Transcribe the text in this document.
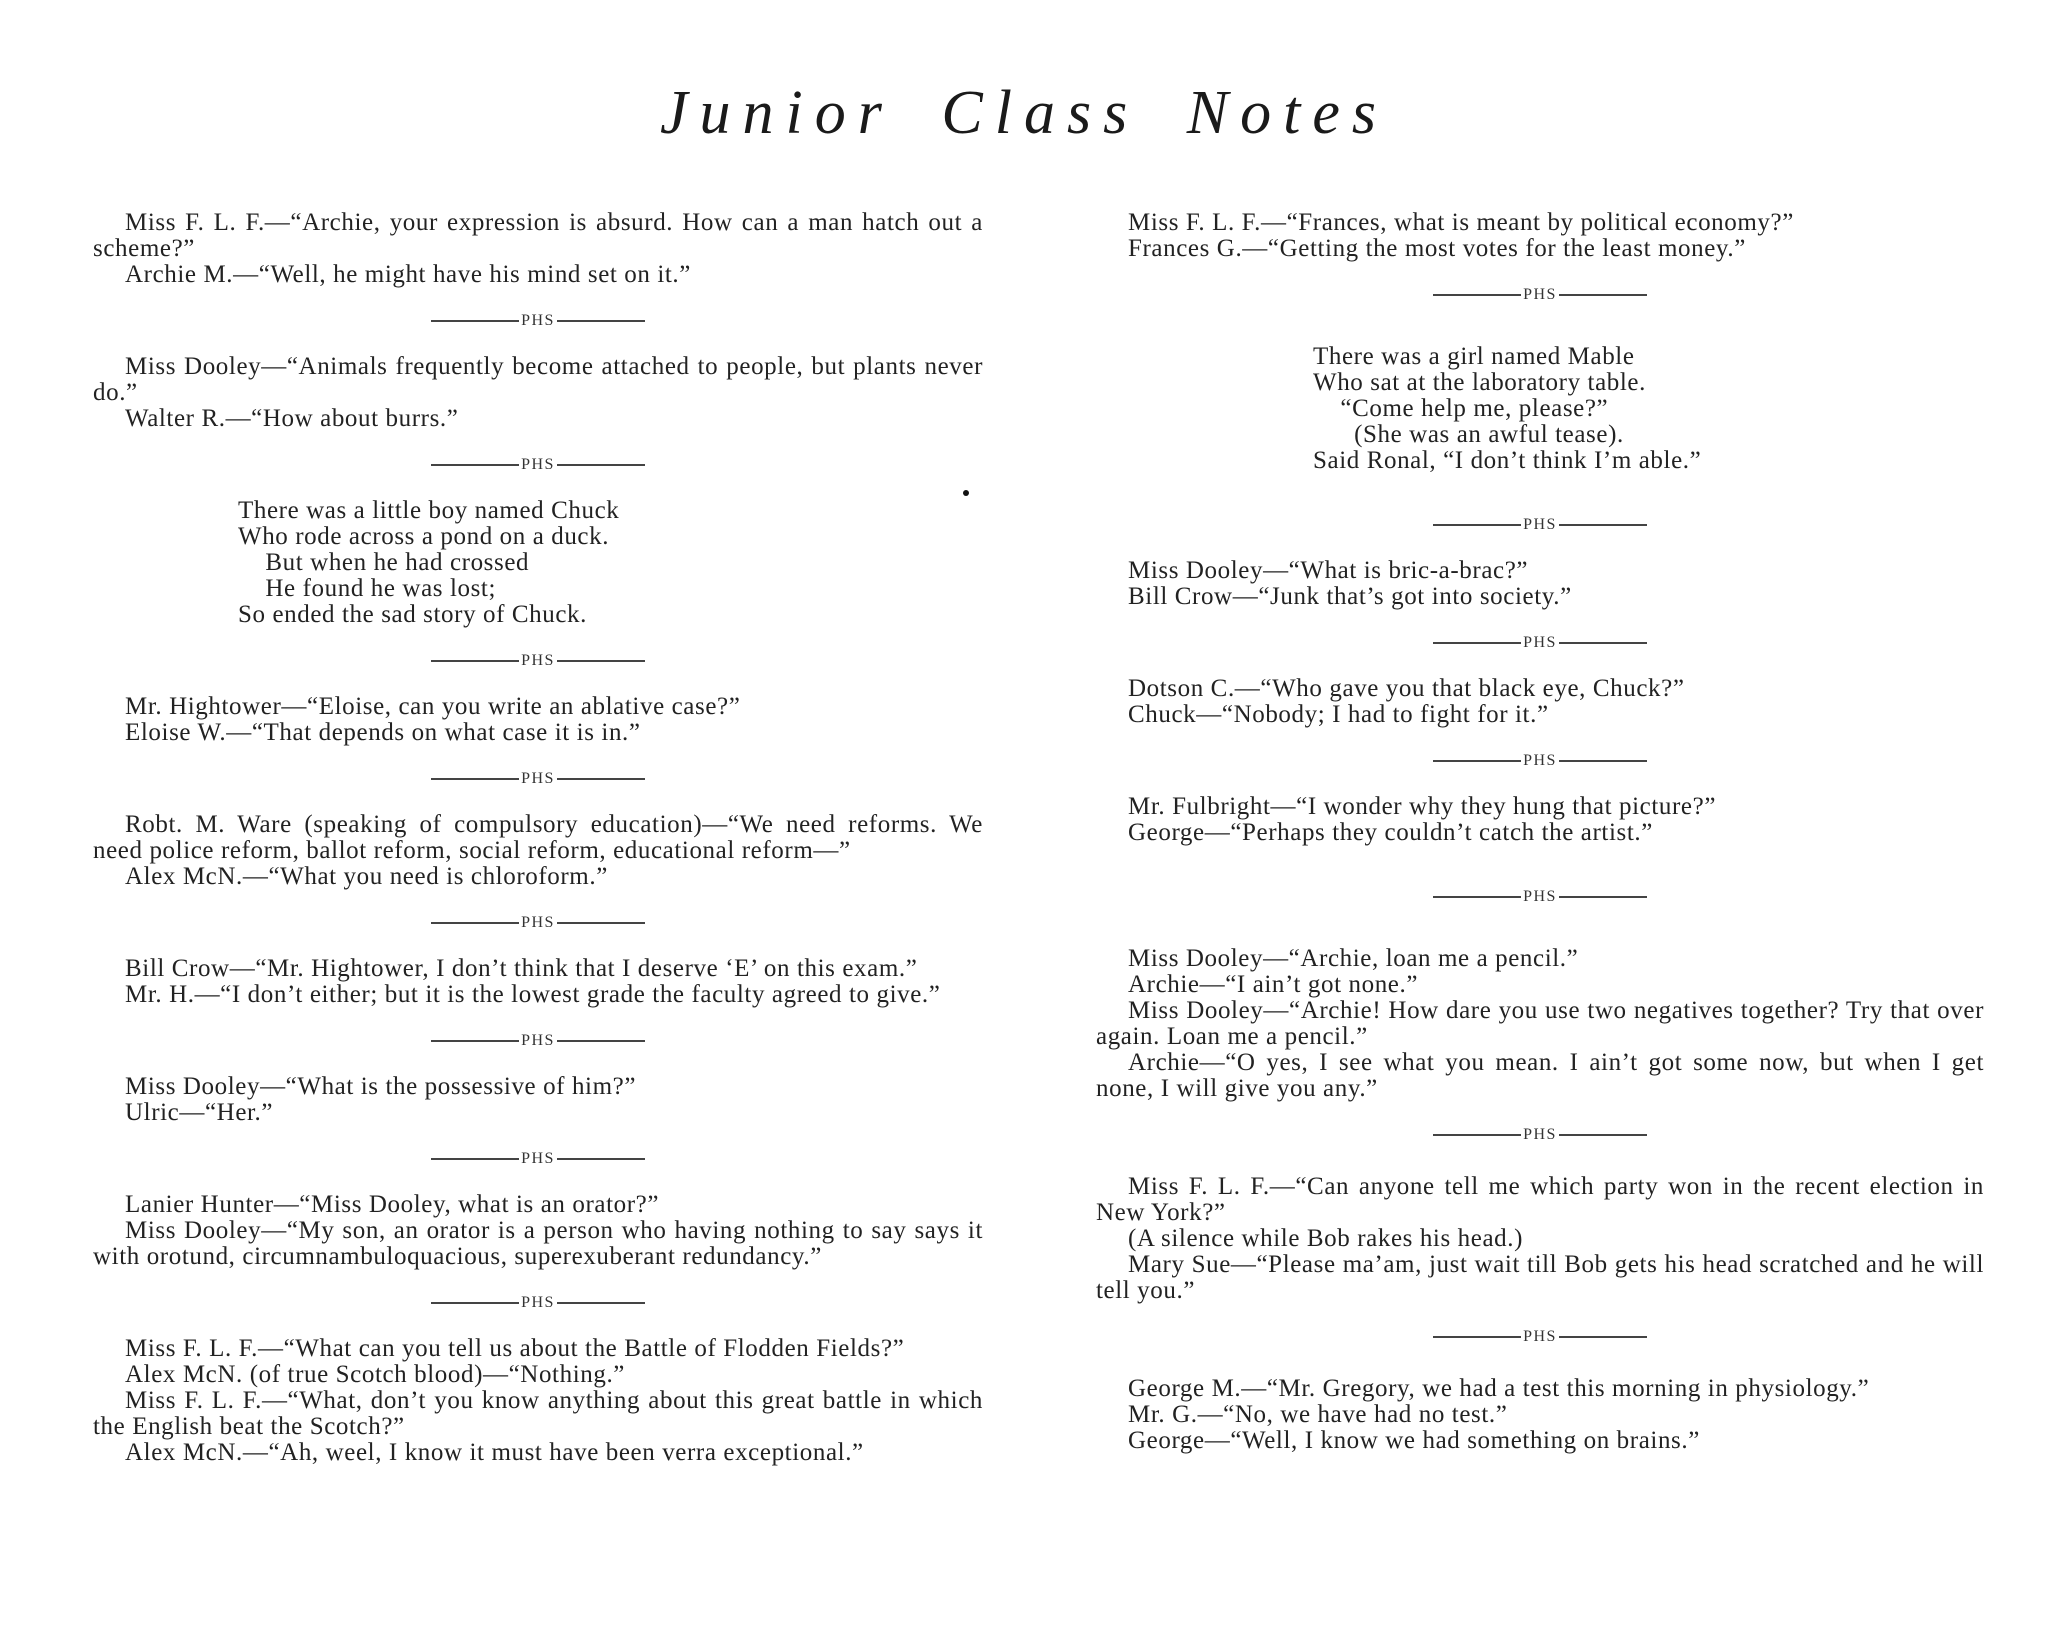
Junior Class Notes

Miss F. L. F.—“Archie, your expression is absurd. How can a man hatch out a scheme?”

Archie M.—“Well, he might have his mind set on it.”

PHS

Miss Dooley—“Animals frequently become attached to people, but plants never do.”

Walter R.—“How about burrs.”

PHS
There was a little boy named Chuck
Who rode across a pond on a duck.
But when he had crossed
He found he was lost;
So ended the sad story of Chuck.
PHS

Mr. Hightower—“Eloise, can you write an ablative case?”

Eloise W.—“That depends on what case it is in.”

PHS

Robt. M. Ware (speaking of compulsory education)—“We need reforms. We need police reform, ballot reform, social reform, educational reform—”

Alex McN.—“What you need is chloroform.”

PHS

Bill Crow—“Mr. Hightower, I don’t think that I deserve ‘E’ on this exam.”

Mr. H.—“I don’t either; but it is the lowest grade the faculty agreed to give.”

PHS

Miss Dooley—“What is the possessive of him?”

Ulric—“Her.”

PHS

Lanier Hunter—“Miss Dooley, what is an orator?”

Miss Dooley—“My son, an orator is a person who having nothing to say says it with orotund, circumnambuloquacious, superexuberant redundancy.”

PHS

Miss F. L. F.—“What can you tell us about the Battle of Flodden Fields?”

Alex McN. (of true Scotch blood)—“Nothing.”

Miss F. L. F.—“What, don’t you know anything about this great battle in which the English beat the Scotch?”

Alex McN.—“Ah, weel, I know it must have been verra exceptional.”

Miss F. L. F.—“Frances, what is meant by political economy?”

Frances G.—“Getting the most votes for the least money.”

PHS
There was a girl named Mable
Who sat at the laboratory table.
“Come help me, please?”
(She was an awful tease).
Said Ronal, “I don’t think I’m able.”
PHS

Miss Dooley—“What is bric-a-brac?”

Bill Crow—“Junk that’s got into society.”

PHS

Dotson C.—“Who gave you that black eye, Chuck?”

Chuck—“Nobody; I had to fight for it.”

PHS

Mr. Fulbright—“I wonder why they hung that picture?”

George—“Perhaps they couldn’t catch the artist.”

PHS

Miss Dooley—“Archie, loan me a pencil.”

Archie—“I ain’t got none.”

Miss Dooley—“Archie! How dare you use two negatives together? Try that over again. Loan me a pencil.”

Archie—“O yes, I see what you mean. I ain’t got some now, but when I get none, I will give you any.”

PHS

Miss F. L. F.—“Can anyone tell me which party won in the recent election in New York?”

(A silence while Bob rakes his head.)

Mary Sue—“Please ma’am, just wait till Bob gets his head scratched and he will tell you.”

PHS

George M.—“Mr. Gregory, we had a test this morning in physiology.”

Mr. G.—“No, we have had no test.”

George—“Well, I know we had something on brains.”
